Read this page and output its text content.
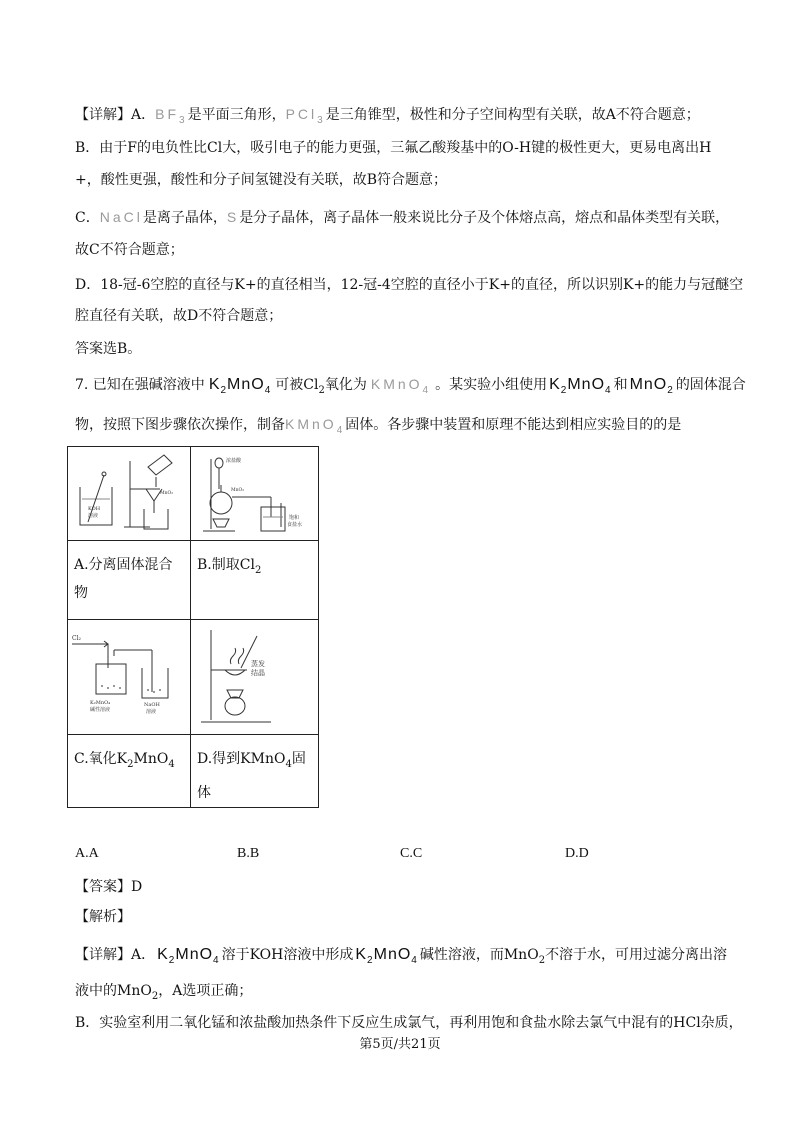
【详解】A．$BF_3$是平面三角形，PCl$_3$是三角锥型，极性和分子空间构型有关联，故A不符合题意；
B．由于F的电负性比Cl大，吸引电子的能力更强，三氟乙酸羧基中的O-H键的极性更大，更易电离出H
+，酸性更强，酸性和分子间氢键没有关联，故B符合题意；
C．NaCl是离子晶体，S是分子晶体，离子晶体一般来说比分子及个体熔点高，熔点和晶体类型有关联，
故C不符合题意；
D．18-冠-6空腔的直径与K+的直径相当，12-冠-4空腔的直径小于K+的直径，所以识别K+的能力与冠醚空
腔直径有关联，故D不符合题意；
答案选B。
7. 已知在强碱溶液中 $K_2MnO_4$ 可被$Cl_2$氧化为 KMnO$_4$ 。某实验小组使用 $K_2MnO_4$ 和 MnO$_2$ 的固体混合
物，按照下图步骤依次操作，制备KMnO$_4$固体。各步骤中装置和原理不能达到相应实验目的的是
KOH
溶液
MnO₂	浓盐酸
MnO₂
饱和
食盐水

A.分离固体混合物	B.制取$Cl_2$

Cl₂
K₂MnO₄
碱性溶液
NaOH
溶液	蒸发
结晶

C.氧化$K_2MnO_4$	D.得到KMnO$_4$固体
A.A	B.B	C.C	D.D
【答案】D
【解析】
【详解】A． $K_2MnO_4$ 溶于KOH溶液中形成 $K_2MnO_4$ 碱性溶液，而MnO$_2$不溶于水，可用过滤分离出溶
液中的MnO$_2$，A选项正确；
B．实验室利用二氧化锰和浓盐酸加热条件下反应生成氯气，再利用饱和食盐水除去氯气中混有的HCl杂质，
第5页/共21页
